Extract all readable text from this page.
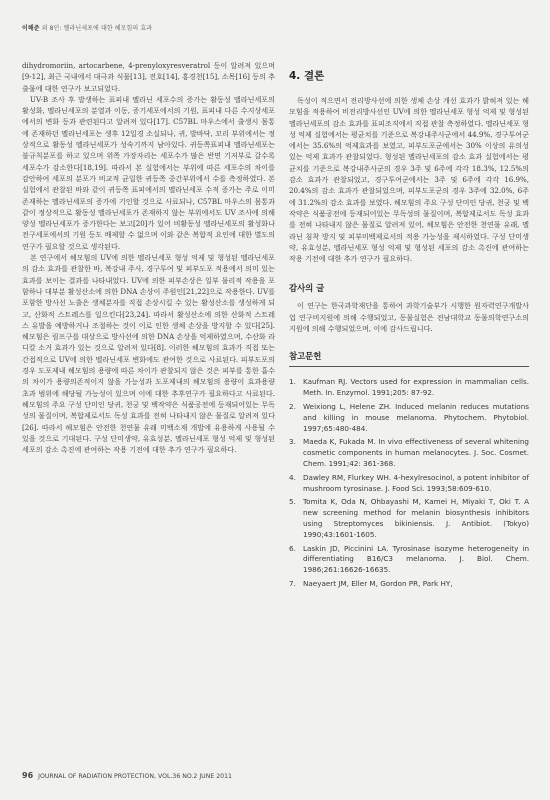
이해준 외 8인: 헬라닌세포에 대한 헤모힘의 효과

dihydromoriin, artocarbene, 4-prenyloxyresveratrol 등이 알려져 있으며[9-12], 최근 국내에서 대극과 식물[13], 전호[14], 홍경천[15], 소목[16] 등의 추출물에 대한 연구가 보고되었다.

UV-B 조사 후 발생하는 표피내 멜라닌 세포수의 증가는 활동성 멜라닌세포의 활성화, 멜라닌세포의 분열과 이동, 증기세포에서의 기원, 표피내 다른 수지상세포에서의 변화 등과 관련된다고 알려져 있다[17]. C57BL 마우스에서 출생시 몸통에 존재하던 멜라닌세포는 생후 12일경 소실되나, 귀, 발바닥, 꼬리 부위에서는 정상적으로 활동성 멜라닌세포가 성숙기까지 남아있다. 귀등쪽표피내 멜라닌세포는 불규칙분포를 하고 있으며 위쪽 가장자리는 세포수가 많은 반면 기저부로 갈수록 세포수가 감소한다[18,19]. 따라서 본 실험에서는 부위에 따른 세포수의 차이를 감안하여 세포의 분포가 비교적 균일한 귀등쪽 중간부위에서 수를 측정하였다. 본 실험에서 관찰된 바와 같이 귀등쪽 표피에서의 멜라닌세포 수적 증가는 주로 이미 존재하는 멜라닌세포의 증가에 기인할 것으로 사료되나, C57BL 마우스의 몸통과 같이 정상적으로 활동성 멜라닌세포가 존재하지 않는 부위에서도 UV 조사에 의해 양성 멜라닌세포가 증가한다는 보고[20]가 있어 비활동성 멜라닌세포의 활성화나 전구세포에서의 기원 등도 배제할 수 없으며 이와 같은 복합적 요인에 대한 별도의 연구가 필요할 것으로 생각된다.

본 연구에서 헤모힘의 UV에 의한 멜라닌세포 형성 억제 및 형성된 멜라닌세포의 감소 효과를 관찰한 바, 복강내 주사, 경구투여 및 피부도포 적용에서 의미 있는 효과를 보이는 결과를 나타내었다. UV에 의한 피부손상은 일부 물리적 작용을 포함하나 대부분 활성산소에 의한 DNA 손상이 주원인[21,22]으로 작용한다. UV를 포함한 방사선 노출은 생체분자를 직접 손상시킬 수 있는 활성산소를 생성하게 되고, 산화적 스트레스를 일으킨다[23,24]. 따라서 활성산소에 의한 산화적 스트레스 유발을 예방하거나 조절하는 것이 이로 인한 생체 손상을 방지할 수 있다[25]. 헤모힘은 림프구를 대상으로 방사선에 의한 DNA 손상을 억제하였으며, 수산화 라디칼 소거 효과가 있는 것으로 알려져 있다[8]. 이러한 헤모힘의 효과가 직접 또는 간접적으로 UV에 의한 멜라닌세포 변화에도 관여한 것으로 사료된다. 피부도포의 경우 도포제내 헤모힘의 용량에 따른 차이가 관찰되지 않은 것은 피부를 통한 흡수의 차이가 용량의존적이지 않을 가능성과 도포제내의 헤모힘의 용량이 효과용량 초과 범위에 해당될 가능성이 있으며 이에 대한 추후연구가 필요하다고 사료된다. 헤모힘의 주요 구성 단미인 당귀, 천궁 및 백작약은 식품공전에 등재되어있는 무독성의 물질이며, 복합제로서도 독성 효과를 전혀 나타내지 않은 물질로 알려져 있다[26]. 따라서 헤모힘은 안전한 천연물 유래 미백소재 개발에 유용하게 사용될 수 있을 것으로 기대된다. 구성 단미생약, 유효성분, 멜라닌세포 형성 억제 및 형성된 세포의 감소 촉진에 관여하는 작용 기전에 대한 추가 연구가 필요하다.

4. 결론

독성이 적으면서 전리방사선에 의한 생체 손상 개선 효과가 밝혀져 있는 헤모힘을 적용하여 비전리방사선인 UV에 의한 멜라닌세포 형성 억제 및 형성된 멜라닌세포의 감소 효과를 표피조직에서 직접 관찰 측정하였다. 멜라닌세포 형성 억제 실험에서는 평균치를 기준으로 복강내주사군에서 44.9%, 경구투여군에서는 35.6%의 억제효과를 보였고, 피부도포군에서는 30% 이상의 유의성 있는 억제 효과가 관찰되었다. 형성된 멜라닌세포의 감소 효과 실험에서는 평균치를 기준으로 복강내주사군의 경우 3주 및 6주에 각각 18.3%, 12.5%의 감소 효과가 관찰되었고, 경구투여군에서는 3주 및 6주에 각각 16.9%, 20.4%의 감소 효과가 관찰되었으며, 피부도포군의 경우 3주에 32.0%, 6주에 31.2%의 감소 효과를 보였다. 헤모힘의 주요 구성 단미인 당귀, 천궁 및 백작약은 식품공전에 등재되어있는 무독성의 물질이며, 복합제로서도 독성 효과를 전혀 나타내지 않은 물질로 알려져 있어, 헤모힘은 안전한 천연물 유래, 멜라닌 침착 방지 및 피부미백제로서의 적용 가능성을 제시하였다. 구성 단미생약, 유효성분, 멜라닌세포 형성 억제 및 형성된 세포의 감소 촉진에 관여하는 작용 기전에 대한 추가 연구가 필요하다.

감사의 글

이 연구는 한국과학재단을 통하여 과학기술부가 시행한 원자력연구개발사업 연구비지원에 의해 수행되었고, 동물실험은 전남대학교 동물의학연구소의 지원에 의해 수행되었으며, 이에 감사드립니다.

참고문헌
1. Kaufman RJ. Vectors used for expression in mammalian cells. Meth. In. Enzymol. 1991;205: 87-92.
2. Weixiong L, Helene ZH. Induced melanin reduces mutations and killing in mouse melanoma. Phytochem. Phytobiol. 1997;65:480-484.
3. Maeda K, Fukada M. In vivo effectiveness of several whitening cosmetic components in human melanocytes. J. Soc. Cosmet. Chem. 1991;42: 361-368.
4. Dawley RM, Flurkey WH. 4-hexylresocinol, a potent inhibitor of mushroom tyrosinase. J. Food Sci. 1993;58:609-610.
5. Tomita K, Oda N, Ohbayashi M, Kamei H, Miyaki T, Oki T. A new screening method for melanin biosynthesis inhibitors using Streptomyces bikiniensis. J. Antibiot. (Tokyo) 1990;43:1601-1605.
6. Laskin JD, Piccinini LA. Tyrosinase isozyme heterogeneity in differentiating B16/C3 melanoma. J. Biol. Chem. 1986;261:16626-16635.
7. Naeyaert JM, Eller M, Gordon PR, Park HY,
96 JOURNAL OF RADIATION PROTECTION, VOL.36 NO.2 JUNE 2011
